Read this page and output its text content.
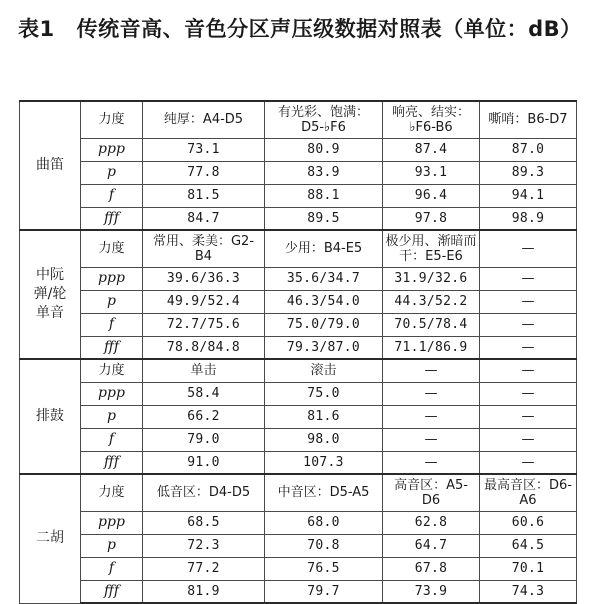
表1 传统音高、音色分区声压级数据对照表（单位：dB）
曲笛	力度	纯厚：A4-D5	有光彩、饱满：D5-♭F6	响亮、结实：♭F6-B6	嘶哨：B6-D7
	ppp	73.1	80.9	87.4	87.0
	p	77.8	83.9	93.1	89.3
	f	81.5	88.1	96.4	94.1
	fff	84.7	89.5	97.8	98.9
中阮弹/轮单音	力度	常用、柔美：G2-B4	少用：B4-E5	极少用、渐暗而干：E5-E6	—
	ppp	39.6/36.3	35.6/34.7	31.9/32.6	—
	p	49.9/52.4	46.3/54.0	44.3/52.2	—
	f	72.7/75.6	75.0/79.0	70.5/78.4	—
	fff	78.8/84.8	79.3/87.0	71.1/86.9	—
排鼓	力度	单击	滚击	—	—
	ppp	58.4	75.0	—	—
	p	66.2	81.6	—	—
	f	79.0	98.0	—	—
	fff	91.0	107.3	—	—
二胡	力度	低音区：D4-D5	中音区：D5-A5	高音区：A5-D6	最高音区：D6-A6
	ppp	68.5	68.0	62.8	60.6
	p	72.3	70.8	64.7	64.5
	f	77.2	76.5	67.8	70.1
	fff	81.9	79.7	73.9	74.3
